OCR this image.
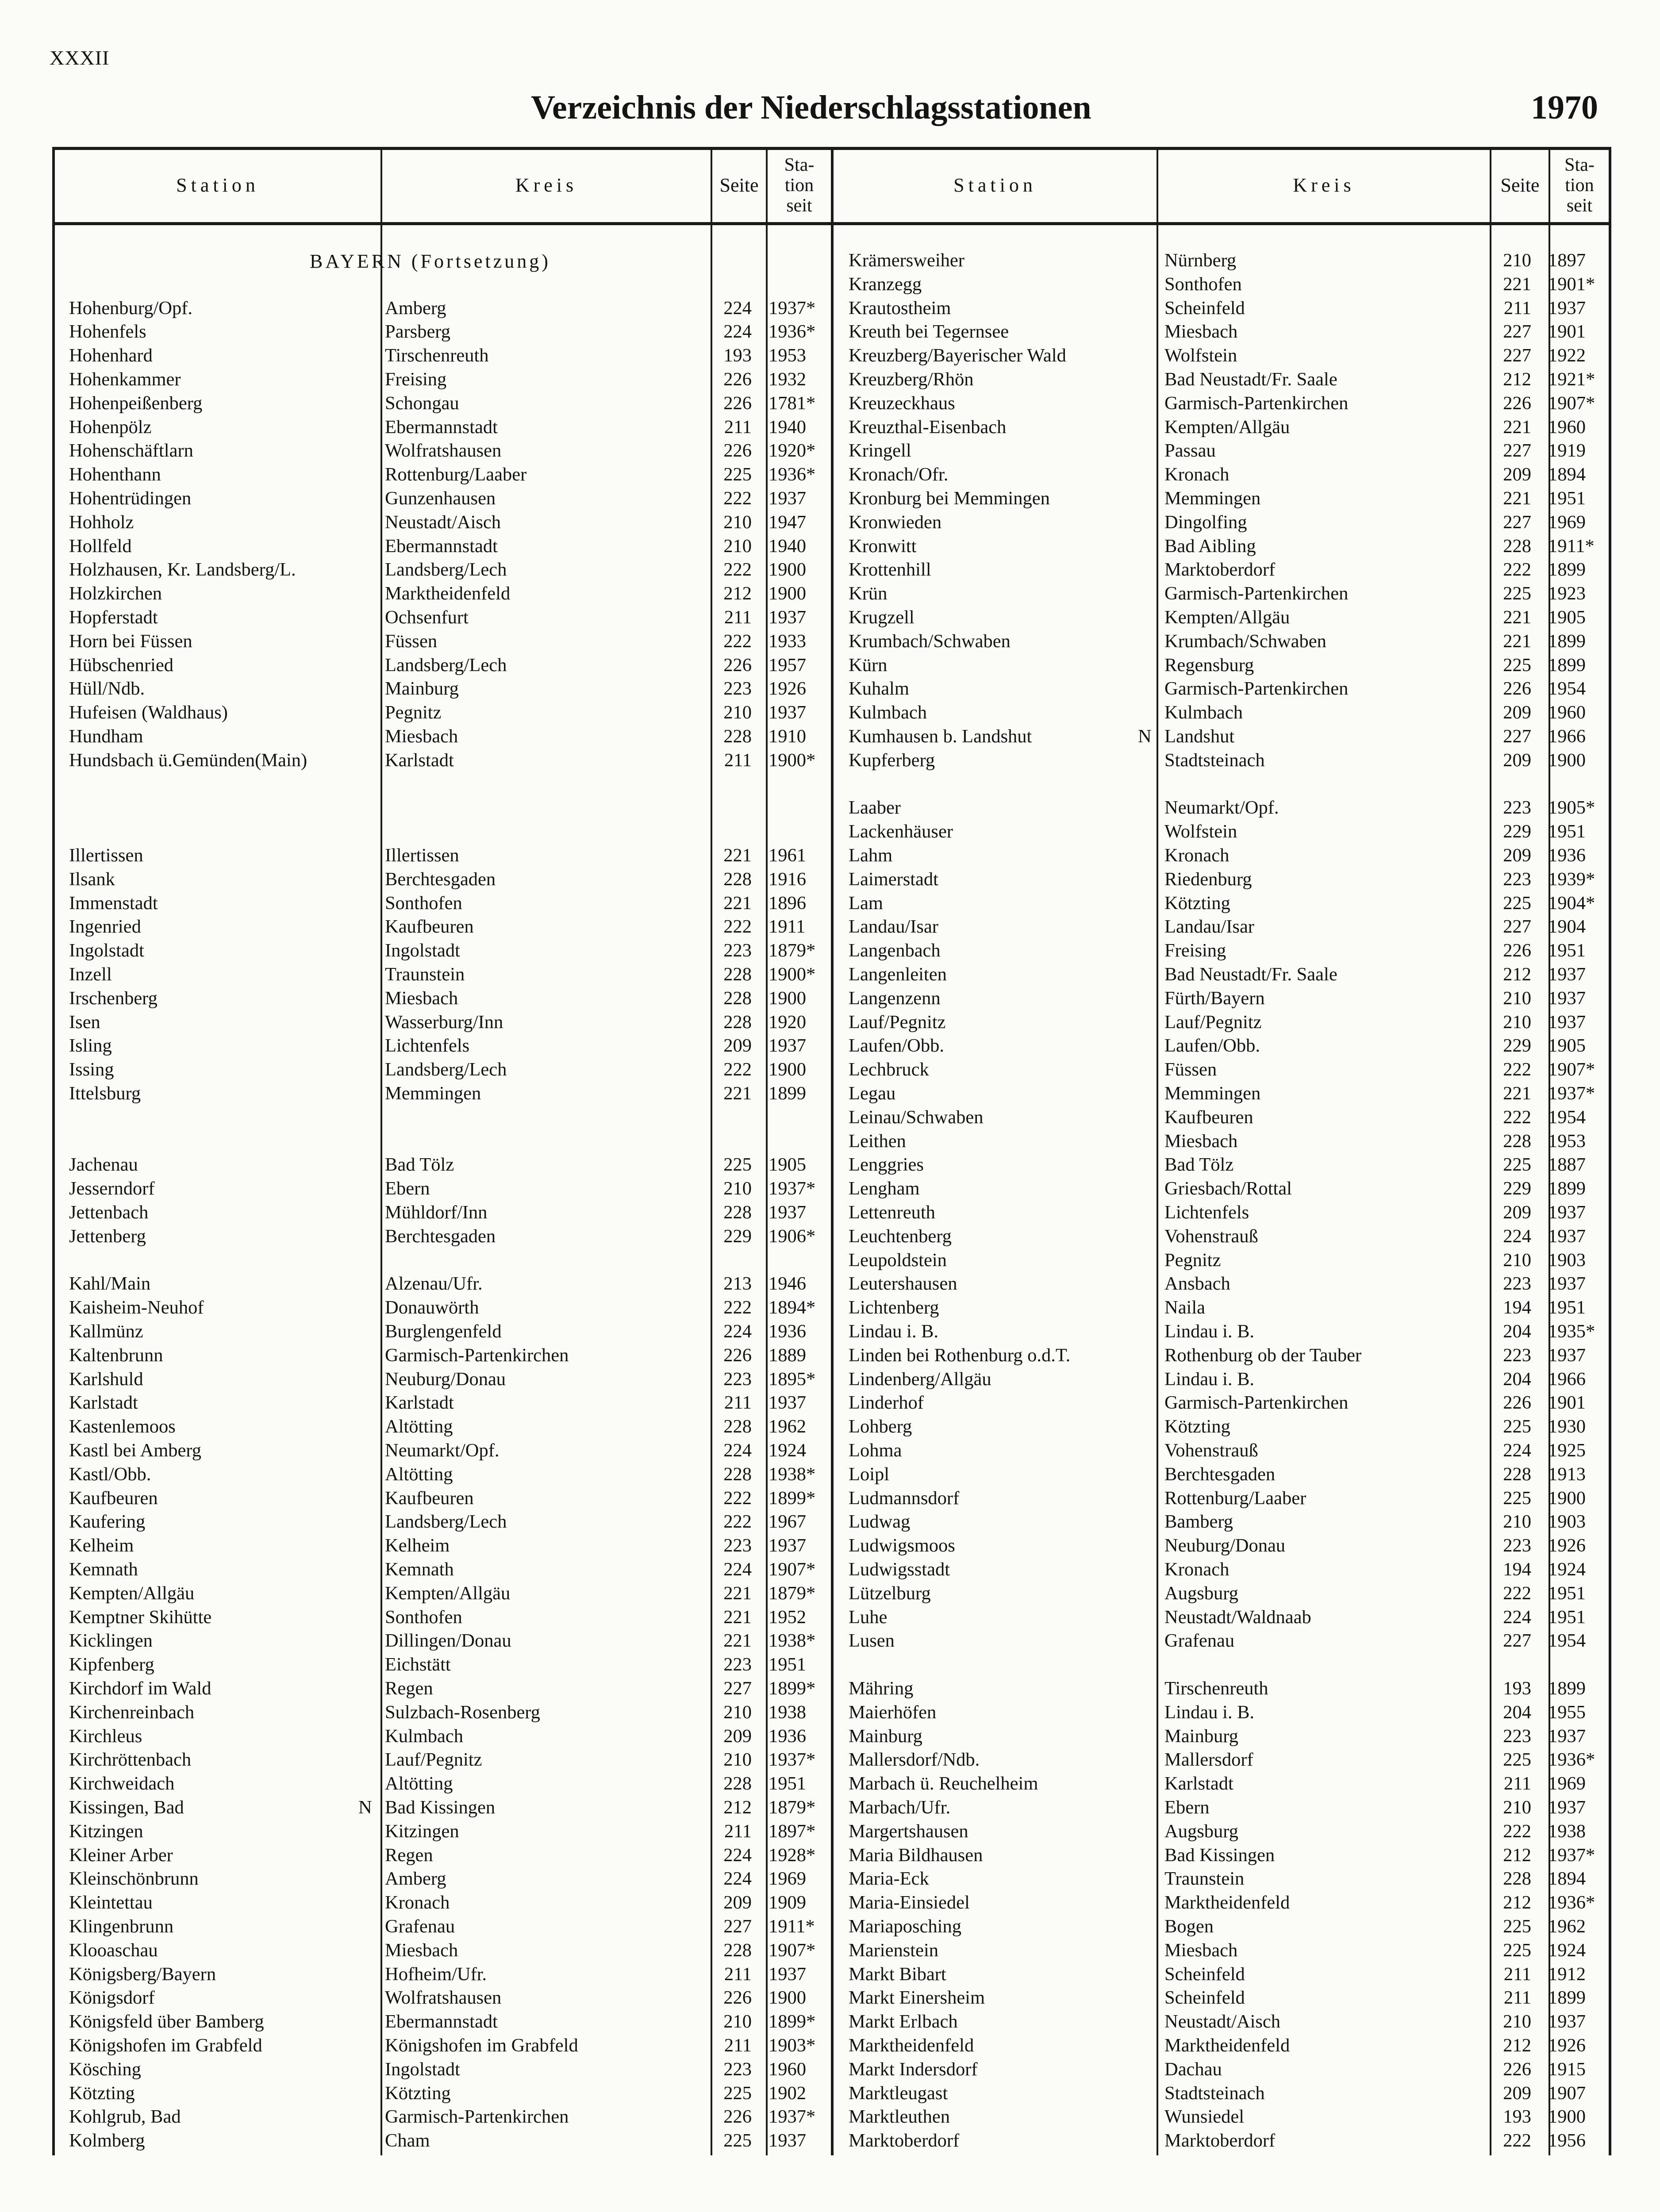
XXXII
Verzeichnis der Niederschlagsstationen	1970
Station	Kreis	Seite
Sta-
tion
seit
Station	Kreis	Seite
Sta-
tion
seit
BAYERN (Fortsetzung)
Hohenburg/Opf.	Amberg	224 1937*
Hohenfels	Parsberg	224 1936*
Hohenhard	Tirschenreuth	193 1953
Hohenkammer	Freising	226 1932
Hohenpeißenberg	Schongau	226 1781*
Hohenpölz	Ebermannstadt	211 1940
Hohenschäftlarn	Wolfratshausen	226 1920*
Hohenthann	Rottenburg/Laaber	225 1936*
Hohentrüdingen	Gunzenhausen	222 1937
Hohholz	Neustadt/Aisch	210 1947
Hollfeld	Ebermannstadt	210 1940
Holzhausen, Kr. Landsberg/L.	Landsberg/Lech	222 1900
Holzkirchen	Marktheidenfeld	212 1900
Hopferstadt	Ochsenfurt	211 1937
Horn bei Füssen	Füssen	222 1933
Hübschenried	Landsberg/Lech	226 1957
Hüll/Ndb.	Mainburg	223 1926
Hufeisen (Waldhaus)	Pegnitz	210 1937
Hundham	Miesbach	228 1910
Hundsbach ü.Gemünden(Main)	Karlstadt	211 1900*
Illertissen	Illertissen	221 1961
Ilsank	Berchtesgaden	228 1916
Immenstadt	Sonthofen	221 1896
Ingenried	Kaufbeuren	222 1911
Ingolstadt	Ingolstadt	223 1879*
Inzell	Traunstein	228 1900*
Irschenberg	Miesbach	228 1900
Isen	Wasserburg/Inn	228 1920
Isling	Lichtenfels	209 1937
Issing	Landsberg/Lech	222 1900
Ittelsburg	Memmingen	221 1899
Jachenau	Bad Tölz	225 1905
Jesserndorf	Ebern	210 1937*
Jettenbach	Mühldorf/Inn	228 1937
Jettenberg	Berchtesgaden	229 1906*
Kahl/Main	Alzenau/Ufr.	213 1946
Kaisheim-Neuhof	Donauwörth	222 1894*
Kallmünz	Burglengenfeld	224 1936
Kaltenbrunn	Garmisch-Partenkirchen	226 1889
Karlshuld	Neuburg/Donau	223 1895*
Karlstadt	Karlstadt	211 1937
Kastenlemoos	Altötting	228 1962
Kastl bei Amberg	Neumarkt/Opf.	224 1924
Kastl/Obb.	Altötting	228 1938*
Kaufbeuren	Kaufbeuren	222 1899*
Kaufering	Landsberg/Lech	222 1967
Kelheim	Kelheim	223 1937
Kemnath	Kemnath	224 1907*
Kempten/Allgäu	Kempten/Allgäu	221 1879*
Kemptner Skihütte	Sonthofen	221 1952
Kicklingen	Dillingen/Donau	221 1938*
Kipfenberg	Eichstätt	223 1951
Kirchdorf im Wald	Regen	227 1899*
Kirchenreinbach	Sulzbach-Rosenberg	210 1938
Kirchleus	Kulmbach	209 1936
Kirchröttenbach	Lauf/Pegnitz	210 1937*
Kirchweidach	Altötting	228 1951
Kissingen, Bad	N Bad Kissingen	212 1879*
Kitzingen	Kitzingen	211 1897*
Kleiner Arber	Regen	224 1928*
Kleinschönbrunn	Amberg	224 1969
Kleintettau	Kronach	209 1909
Klingenbrunn	Grafenau	227 1911*
Klooaschau	Miesbach	228 1907*
Königsberg/Bayern	Hofheim/Ufr.	211 1937
Königsdorf	Wolfratshausen	226 1900
Königsfeld über Bamberg	Ebermannstadt	210 1899*
Königshofen im Grabfeld	Königshofen im Grabfeld	211 1903*
Kösching	Ingolstadt	223 1960
Kötzting	Kötzting	225 1902
Kohlgrub, Bad	Garmisch-Partenkirchen	226 1937*
Kolmberg	Cham	225 1937
Krämersweiher	Nürnberg	210 1897
Kranzegg	Sonthofen	221 1901*
Krautostheim	Scheinfeld	211 1937
Kreuth bei Tegernsee	Miesbach	227 1901
Kreuzberg/Bayerischer Wald	Wolfstein	227 1922
Kreuzberg/Rhön	Bad Neustadt/Fr. Saale	212 1921*
Kreuzeckhaus	Garmisch-Partenkirchen	226 1907*
Kreuzthal-Eisenbach	Kempten/Allgäu	221 1960
Kringell	Passau	227 1919
Kronach/Ofr.	Kronach	209 1894
Kronburg bei Memmingen	Memmingen	221 1951
Kronwieden	Dingolfing	227 1969
Kronwitt	Bad Aibling	228 1911*
Krottenhill	Marktoberdorf	222 1899
Krün	Garmisch-Partenkirchen	225 1923
Krugzell	Kempten/Allgäu	221 1905
Krumbach/Schwaben	Krumbach/Schwaben	221 1899
Kürn	Regensburg	225 1899
Kuhalm	Garmisch-Partenkirchen	226 1954
Kulmbach	Kulmbach	209 1960
Kumhausen b. Landshut	N Landshut	227 1966
Kupferberg	Stadtsteinach	209 1900
Laaber	Neumarkt/Opf.	223 1905*
Lackenhäuser	Wolfstein	229 1951
Lahm	Kronach	209 1936
Laimerstadt	Riedenburg	223 1939*
Lam	Kötzting	225 1904*
Landau/Isar	Landau/Isar	227 1904
Langenbach	Freising	226 1951
Langenleiten	Bad Neustadt/Fr. Saale	212 1937
Langenzenn	Fürth/Bayern	210 1937
Lauf/Pegnitz	Lauf/Pegnitz	210 1937
Laufen/Obb.	Laufen/Obb.	229 1905
Lechbruck	Füssen	222 1907*
Legau	Memmingen	221 1937*
Leinau/Schwaben	Kaufbeuren	222 1954
Leithen	Miesbach	228 1953
Lenggries	Bad Tölz	225 1887
Lengham	Griesbach/Rottal	229 1899
Lettenreuth	Lichtenfels	209 1937
Leuchtenberg	Vohenstrauß	224 1937
Leupoldstein	Pegnitz	210 1903
Leutershausen	Ansbach	223 1937
Lichtenberg	Naila	194 1951
Lindau i. B.	Lindau i. B.	204 1935*
Linden bei Rothenburg o.d.T.	Rothenburg ob der Tauber	223 1937
Lindenberg/Allgäu	Lindau i. B.	204 1966
Linderhof	Garmisch-Partenkirchen	226 1901
Lohberg	Kötzting	225 1930
Lohma	Vohenstrauß	224 1925
Loipl	Berchtesgaden	228 1913
Ludmannsdorf	Rottenburg/Laaber	225 1900
Ludwag	Bamberg	210 1903
Ludwigsmoos	Neuburg/Donau	223 1926
Ludwigsstadt	Kronach	194 1924
Lützelburg	Augsburg	222 1951
Luhe	Neustadt/Waldnaab	224 1951
Lusen	Grafenau	227 1954
Mähring	Tirschenreuth	193 1899
Maierhöfen	Lindau i. B.	204 1955
Mainburg	Mainburg	223 1937
Mallersdorf/Ndb.	Mallersdorf	225 1936*
Marbach ü. Reuchelheim	Karlstadt	211 1969
Marbach/Ufr.	Ebern	210 1937
Margertshausen	Augsburg	222 1938
Maria Bildhausen	Bad Kissingen	212 1937*
Maria-Eck	Traunstein	228 1894
Maria-Einsiedel	Marktheidenfeld	212 1936*
Mariaposching	Bogen	225 1962
Marienstein	Miesbach	225 1924
Markt Bibart	Scheinfeld	211 1912
Markt Einersheim	Scheinfeld	211 1899
Markt Erlbach	Neustadt/Aisch	210 1937
Marktheidenfeld	Marktheidenfeld	212 1926
Markt Indersdorf	Dachau	226 1915
Marktleugast	Stadtsteinach	209 1907
Marktleuthen	Wunsiedel	193 1900
Marktoberdorf	Marktoberdorf	222 1956
